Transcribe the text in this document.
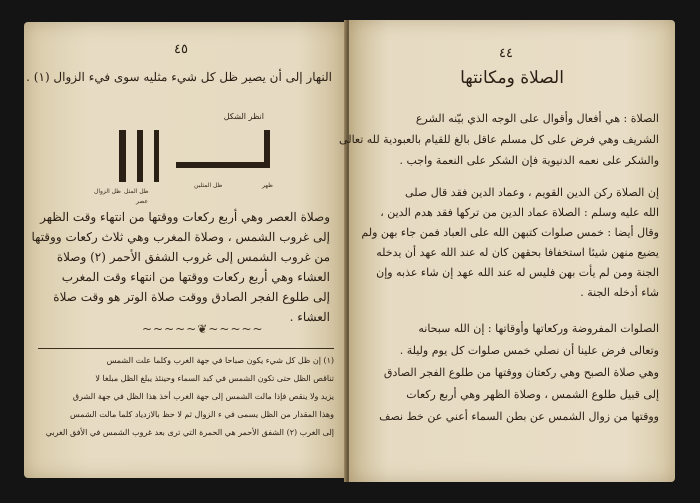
٤٥
النهار إلى أن يصير ظل كل شيء مثليه سوى فيء الزوال (١) .
انظر الشكل
ظل الزوال ظل المثل
ظل المثلين
عصر
ظهر
وصلاة العصر وهي أربع ركعات ووقتها من انتهاء وقت الظهر
إلى غروب الشمس ، وصلاة المغرب وهي ثلاث ركعات ووقتها
من غروب الشمس إلى غروب الشفق الأحمر (٢) وصلاة
العشاء وهي أربع ركعات ووقتها من انتهاء وقت المغرب
إلى طلوع الفجر الصادق ووقت صلاة الوتر هو وقت صلاة
العشاء .
~~~~~❦~~~~~
(١) إن ظل كل شيء يكون صباحا في جهة الغرب وكلما علت الشمس
تناقص الظل حتى تكون الشمس في كبد السماء وحينئذ يبلغ الظل مبلغا لا
يزيد ولا ينقص فإذا مالت الشمس إلى جهة الغرب أخذ هذا الظل في جهة الشرق
وهذا المقدار من الظل يسمى في ء الزوال ثم لا حظ بالازدياد كلما مالت الشمس
إلى الغرب (٢) الشفق الأحمر هي الحمرة التي ترى بعد غروب الشمس في الأفق الغربي
٤٤
الصلاة ومكانتها
الصلاة : هي أفعال وأقوال على الوجه الذي بيّنه الشرع
الشريف وهي فرض على كل مسلم عاقل بالغ للقيام بالعبودية لله تعالى
والشكر على نعمه الدنيوية فإن الشكر على النعمة واجب .
إن الصلاة ركن الدين القويم ، وعماد الدين فقد قال صلى
الله عليه وسلم : الصلاة عماد الدين من تركها فقد هدم الدين ،
وقال أيضا : خمس صلوات كتبهن الله على العباد فمن جاء بهن ولم
يضيع منهن شيئا استخفافا بحقهن كان له عند الله عهد أن يدخله
الجنة ومن لم يأت بهن فليس له عند الله عهد إن شاء عذبه وإن
شاء أدخله الجنة .
الصلوات المفروضة وركعاتها وأوقاتها : إن الله سبحانه
وتعالى فرض علينا أن نصلي خمس صلوات كل يوم وليلة .
وهي صلاة الصبح وهي ركعتان ووقتها من طلوع الفجر الصادق
إلى قبيل طلوع الشمس ، وصلاة الظهر وهي أربع ركعات
ووقتها من زوال الشمس عن بطن السماء أعني عن خط نصف
